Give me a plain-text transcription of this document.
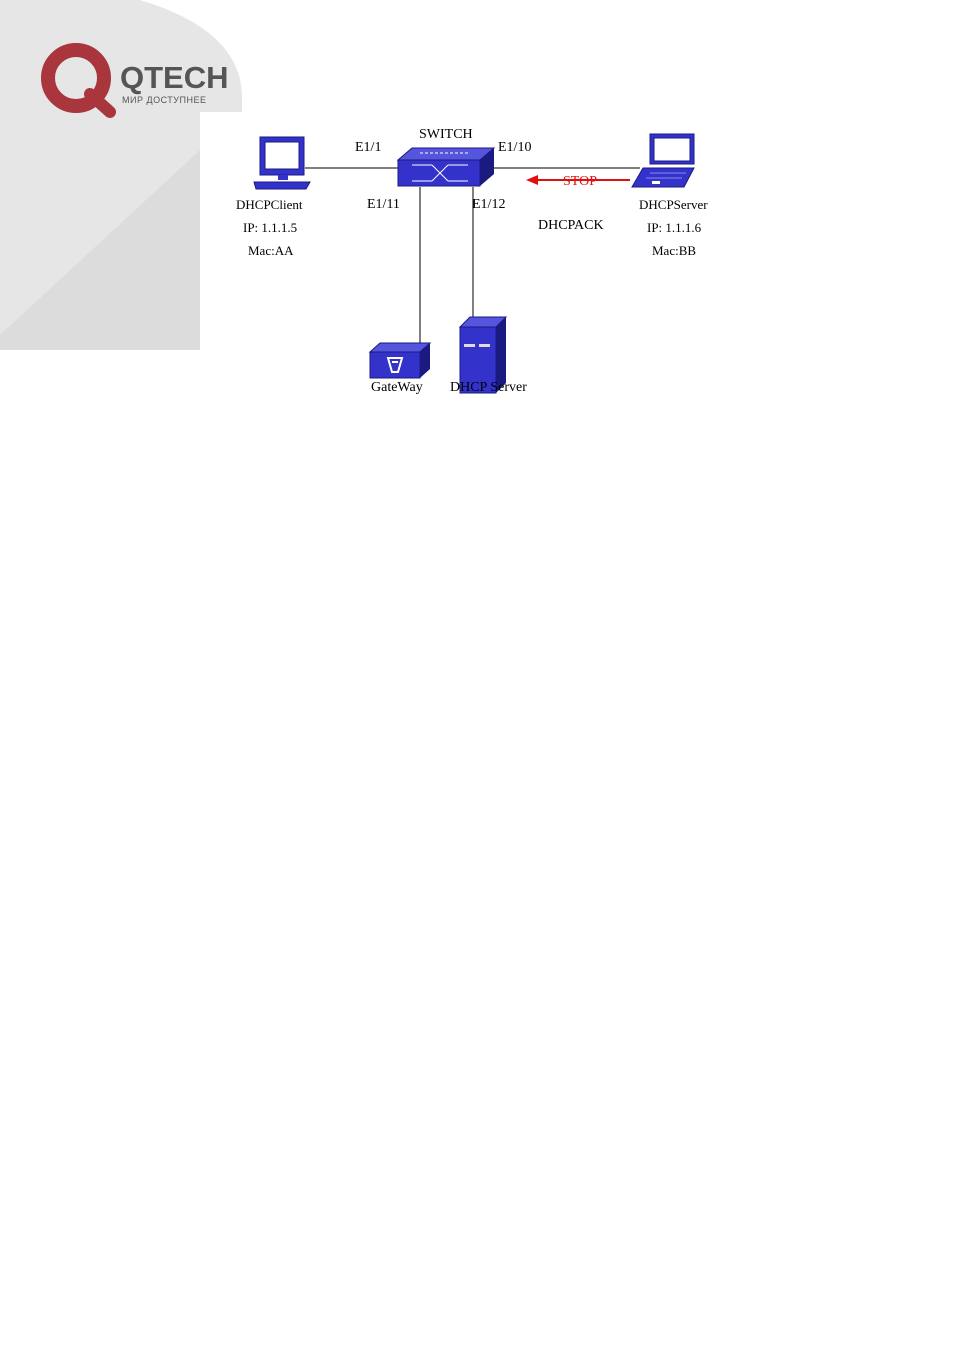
QTECH
МИР ДОСТУПНЕЕ
SWITCH
E1/1	E1/10
E1/11	E1/12
STOP
DHCPACK
DHCPClient
IP: 1.1.1.5
Mac:AA
DHCPServer
IP: 1.1.1.6
Mac:BB
GateWay DHCP Server
